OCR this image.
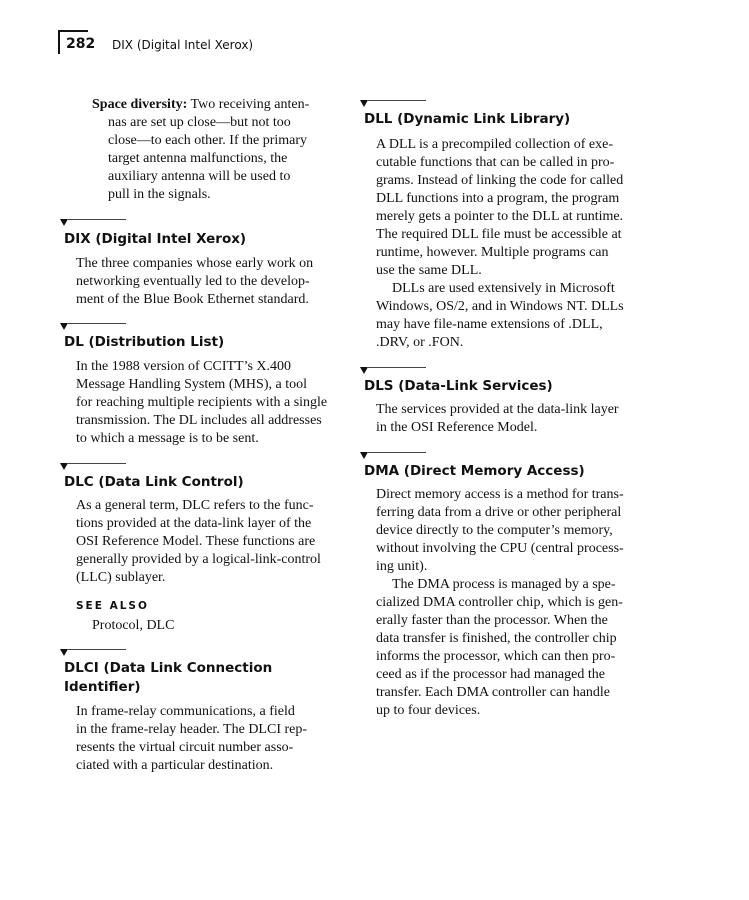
282 DIX (Digital Intel Xerox)
Space diversity: Two receiving anten-
nas are set up close—but not too
close—to each other. If the primary
target antenna malfunctions, the
auxiliary antenna will be used to
pull in the signals.
DIX (Digital Intel Xerox)
The three companies whose early work on
networking eventually led to the develop-
ment of the Blue Book Ethernet standard.
DL (Distribution List)
In the 1988 version of CCITT’s X.400
Message Handling System (MHS), a tool
for reaching multiple recipients with a single
transmission. The DL includes all addresses
to which a message is to be sent.
DLC (Data Link Control)
As a general term, DLC refers to the func-
tions provided at the data-link layer of the
OSI Reference Model. These functions are
generally provided by a logical-link-control
(LLC) sublayer.
SEE ALSO
Protocol, DLC
DLCI (Data Link Connection
Identifier)
In frame-relay communications, a field
in the frame-relay header. The DLCI rep-
resents the virtual circuit number asso-
ciated with a particular destination.
DLL (Dynamic Link Library)
A DLL is a precompiled collection of exe-
cutable functions that can be called in pro-
grams. Instead of linking the code for called
DLL functions into a program, the program
merely gets a pointer to the DLL at runtime.
The required DLL file must be accessible at
runtime, however. Multiple programs can
use the same DLL.
DLLs are used extensively in Microsoft
Windows, OS/2, and in Windows NT. DLLs
may have file-name extensions of .DLL,
.DRV, or .FON.
DLS (Data-Link Services)
The services provided at the data-link layer
in the OSI Reference Model.
DMA (Direct Memory Access)
Direct memory access is a method for trans-
ferring data from a drive or other peripheral
device directly to the computer’s memory,
without involving the CPU (central process-
ing unit).
The DMA process is managed by a spe-
cialized DMA controller chip, which is gen-
erally faster than the processor. When the
data transfer is finished, the controller chip
informs the processor, which can then pro-
ceed as if the processor had managed the
transfer. Each DMA controller can handle
up to four devices.
